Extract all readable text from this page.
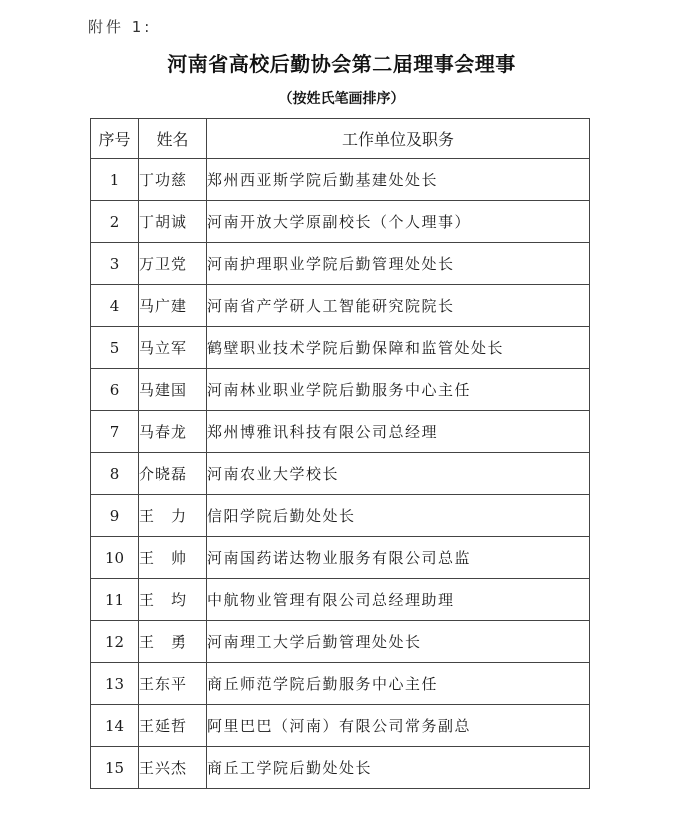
附件 1:
河南省高校后勤协会第二届理事会理事
（按姓氏笔画排序）
序号	姓名	工作单位及职务
1	丁功慈	郑州西亚斯学院后勤基建处处长
2	丁胡诚	河南开放大学原副校长（个人理事）
3	万卫党	河南护理职业学院后勤管理处处长
4	马广建	河南省产学研人工智能研究院院长
5	马立军	鹤壁职业技术学院后勤保障和监管处处长
6	马建国	河南林业职业学院后勤服务中心主任
7	马春龙	郑州博雅讯科技有限公司总经理
8	介晓磊	河南农业大学校长
9	王　力	信阳学院后勤处处长
10	王　帅	河南国药诺达物业服务有限公司总监
11	王　均	中航物业管理有限公司总经理助理
12	王　勇	河南理工大学后勤管理处处长
13	王东平	商丘师范学院后勤服务中心主任
14	王延哲	阿里巴巴（河南）有限公司常务副总
15	王兴杰	商丘工学院后勤处处长
